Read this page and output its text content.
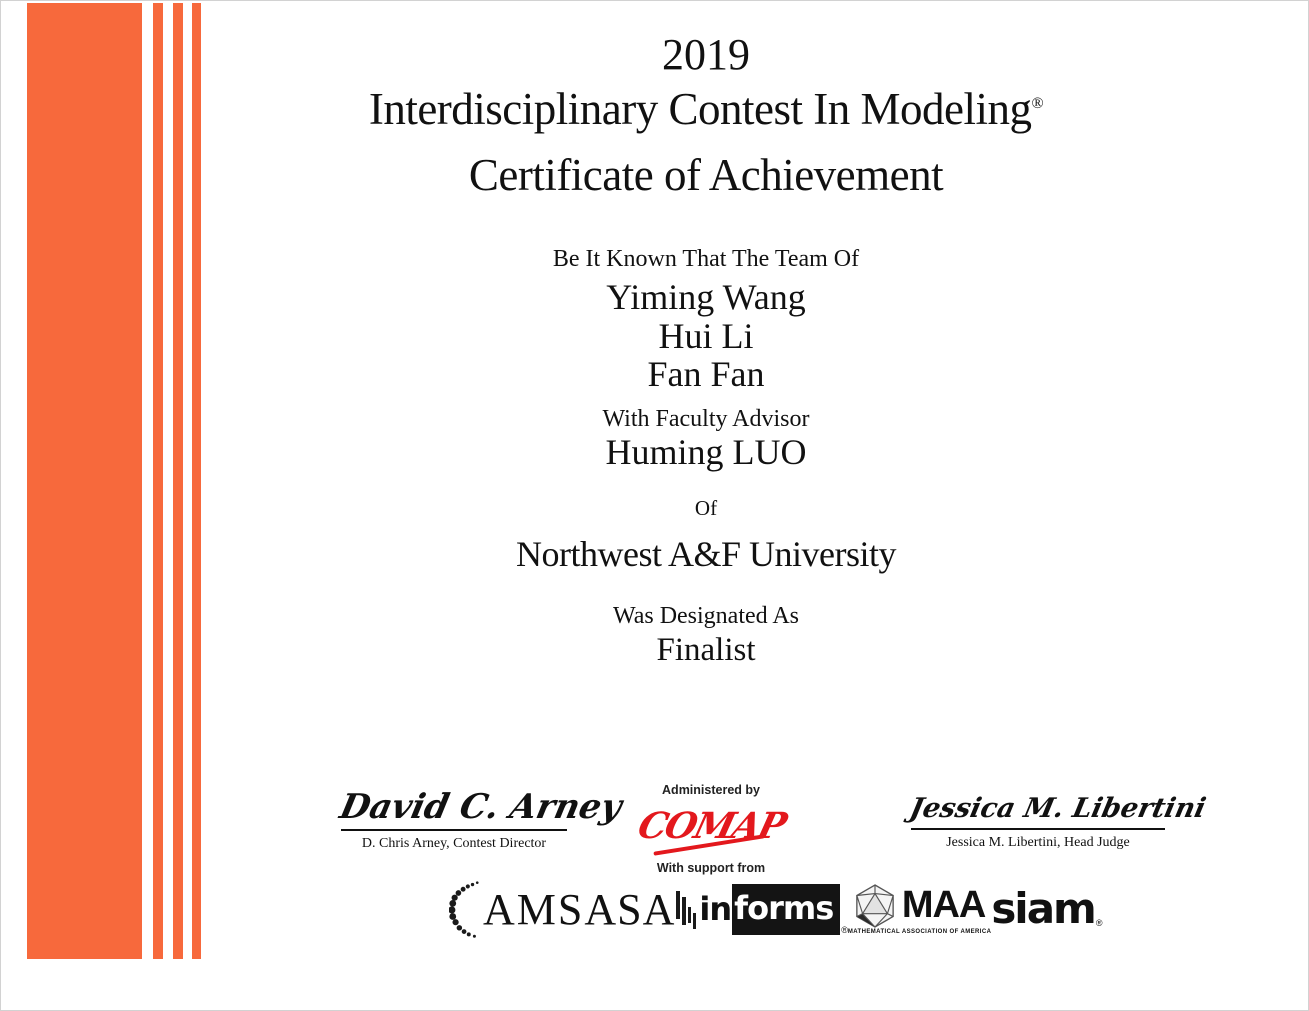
2019
Interdisciplinary Contest In Modeling®
Certificate of Achievement
Be It Known That The Team Of
Yiming Wang
Hui Li
Fan Fan
With Faculty Advisor
Huming LUO
Of
Northwest A&F University
Was Designated As
Finalist
David C. Arney
D. Chris Arney, Contest Director
Administered by
COMAP
With support from
Jessica M. Libertini
Jessica M. Libertini, Head Judge
AMS ASA in forms
®
MAA
MATHEMATICAL ASSOCIATION OF AMERICA siam ®
